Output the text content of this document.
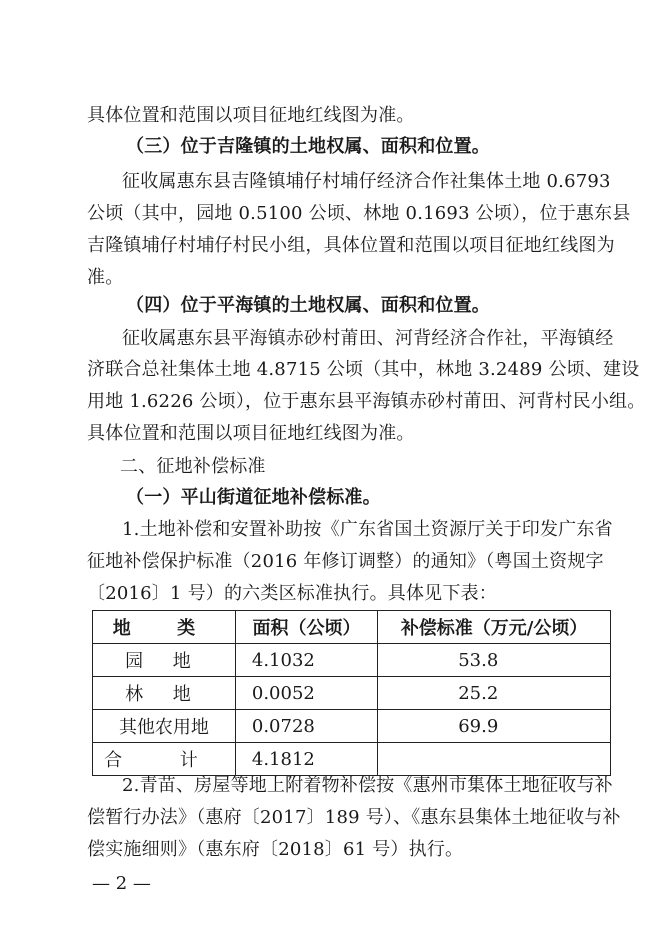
具体位置和范围以项目征地红线图为准。
（三）位于吉隆镇的土地权属、面积和位置。
征收属惠东县吉隆镇埔仔村埔仔经济合作社集体土地 0.6793
公顷（其中，园地 0.5100 公顷、林地 0.1693 公顷），位于惠东县
吉隆镇埔仔村埔仔村民小组，具体位置和范围以项目征地红线图为
准。
（四）位于平海镇的土地权属、面积和位置。
征收属惠东县平海镇赤砂村莆田、河背经济合作社，平海镇经
济联合总社集体土地 4.8715 公顷（其中，林地 3.2489 公顷、建设
用地 1.6226 公顷），位于惠东县平海镇赤砂村莆田、河背村民小组。
具体位置和范围以项目征地红线图为准。
二、征地补偿标准
（一）平山街道征地补偿标准。
1.土地补偿和安置补助按《广东省国土资源厅关于印发广东省
征地补偿保护标准（2016 年修订调整）的通知》（粤国土资规字
〔2016〕1 号）的六类区标准执行。具体见下表：
地 类	面积（公顷）	补偿标准（万元/公顷）
园 地	4.1032	53.8
林 地	0.0052	25.2
其他农用地	0.0728	69.9
合 计	4.1812	
2.青苗、房屋等地上附着物补偿按《惠州市集体土地征收与补
偿暂行办法》（惠府〔2017〕189 号）、《惠东县集体土地征收与补
偿实施细则》（惠东府〔2018〕61 号）执行。
— 2 —
